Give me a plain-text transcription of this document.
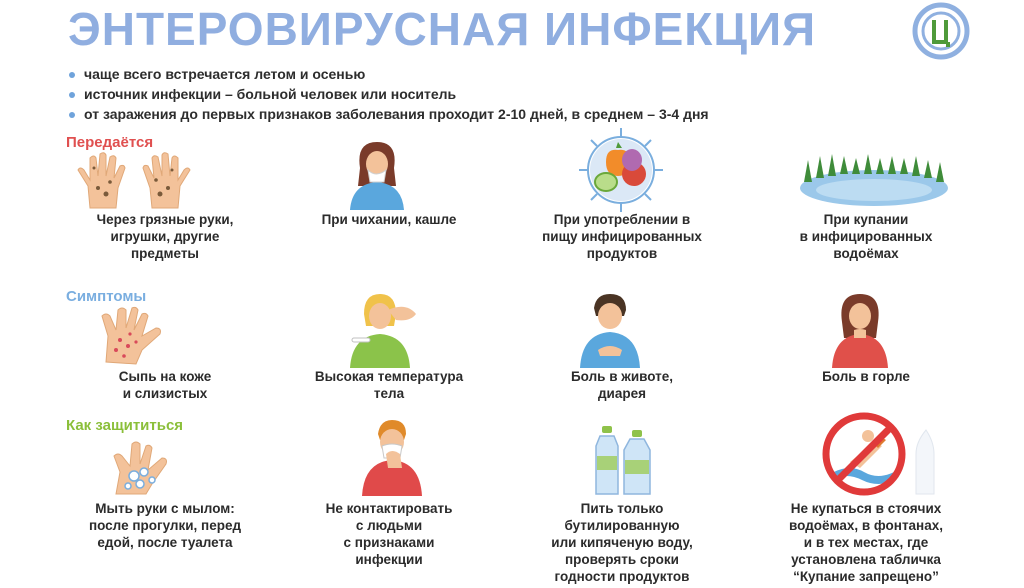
ЭНТЕРОВИРУСНАЯ ИНФЕКЦИЯ
чаще всего встречается летом и осенью
источник инфекции – больной человек или носитель
от заражения до первых признаков заболевания проходит 2-10 дней, в среднем – 3-4 дня
Передаётся
Через грязные руки,
игрушки, другие
предметы
При чихании, кашле	При употреблении в
пищу инфицированных
продуктов
При купании
в инфицированных
водоёмах
Симптомы
Сыпь на коже
и слизистых
Высокая температура
тела
Боль в животе,
диарея
Боль в горле
Как защититься
Мыть руки с мылом:
после прогулки, перед
едой, после туалета
Не контактировать
с людьми
с признаками
инфекции
Пить только
бутилированную
или кипяченую воду,
проверять сроки
годности продуктов
Не купаться в стоячих
водоёмах, в фонтанах,
и в тех местах, где
установлена табличка
“Купание запрещено”
